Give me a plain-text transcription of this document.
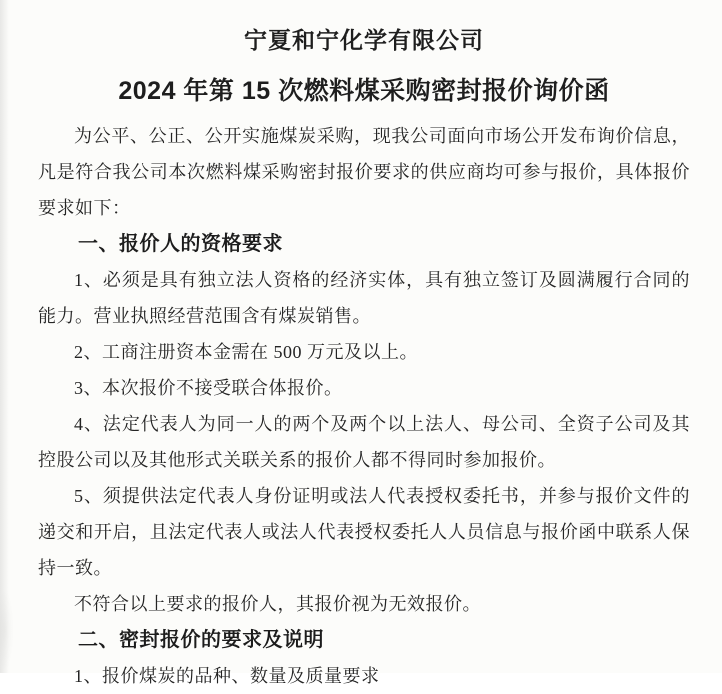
宁夏和宁化学有限公司
2024 年第 15 次燃料煤采购密封报价询价函

为公平、公正、公开实施煤炭采购，现我公司面向市场公开发布询价信息，凡是符合我公司本次燃料煤采购密封报价要求的供应商均可参与报价，具体报价要求如下：

一、报价人的资格要求

1、必须是具有独立法人资格的经济实体，具有独立签订及圆满履行合同的能力。营业执照经营范围含有煤炭销售。

2、工商注册资本金需在 500 万元及以上。

3、本次报价不接受联合体报价。

4、法定代表人为同一人的两个及两个以上法人、母公司、全资子公司及其控股公司以及其他形式关联关系的报价人都不得同时参加报价。

5、须提供法定代表人身份证明或法人代表授权委托书，并参与报价文件的递交和开启，且法定代表人或法人代表授权委托人人员信息与报价函中联系人保持一致。

不符合以上要求的报价人，其报价视为无效报价。

二、密封报价的要求及说明

1、报价煤炭的品种、数量及质量要求
